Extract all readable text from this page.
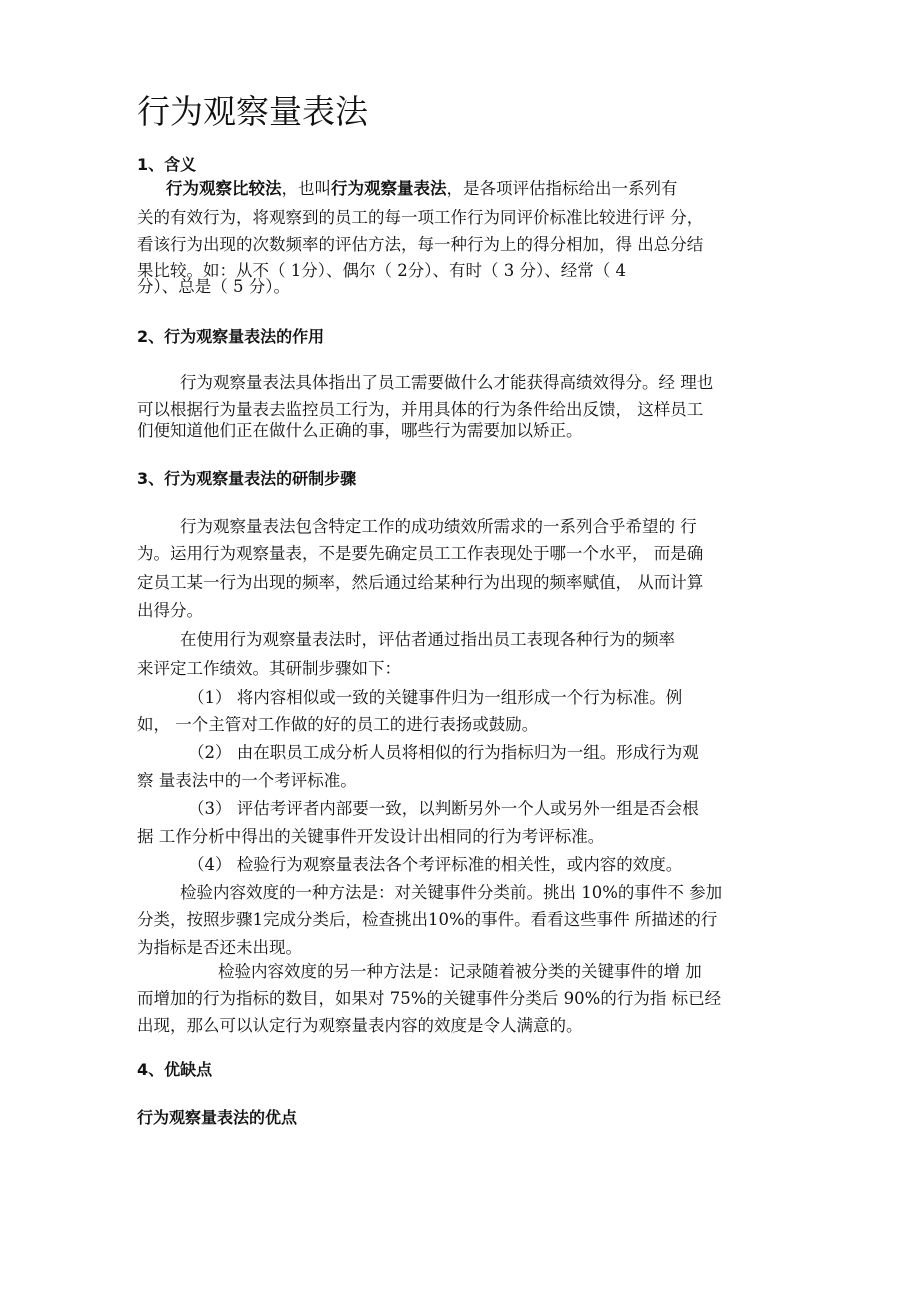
行为观察量表法
1、含义
行为观察比较法，也叫行为观察量表法，是各项评估指标给出一系列有
关的有效行为，将观察到的员工的每一项工作行为同评价标准比较进行评 分，
看该行为出现的次数频率的评估方法，每一种行为上的得分相加，得 出总分结
果比较。如：从不（ 1分）、偶尔（ 2分）、有时（ 3 分）、经常（ 4
分）、总是（ 5 分）。
2、行为观察量表法的作用
行为观察量表法具体指出了员工需要做什么才能获得高绩效得分。经 理也
可以根据行为量表去监控员工行为，并用具体的行为条件给出反馈， 这样员工
们便知道他们正在做什么正确的事，哪些行为需要加以矫正。
3、行为观察量表法的研制步骤
行为观察量表法包含特定工作的成功绩效所需求的一系列合乎希望的 行
为。运用行为观察量表，不是要先确定员工工作表现处于哪一个水平， 而是确
定员工某一行为出现的频率，然后通过给某种行为出现的频率赋值， 从而计算
出得分。
在使用行为观察量表法时，评估者通过指出员工表现各种行为的频率
来评定工作绩效。其研制步骤如下：
（1） 将内容相似或一致的关键事件归为一组形成一个行为标准。例
如， 一个主管对工作做的好的员工的进行表扬或鼓励。
（2） 由在职员工成分析人员将相似的行为指标归为一组。形成行为观
察 量表法中的一个考评标准。
（3） 评估考评者内部要一致，以判断另外一个人或另外一组是否会根
据 工作分析中得出的关键事件开发设计出相同的行为考评标准。
（4） 检验行为观察量表法各个考评标准的相关性，或内容的效度。
检验内容效度的一种方法是：对关键事件分类前。挑出 10%的事件不 参加
分类，按照步骤1完成分类后，检查挑出10%的事件。看看这些事件 所描述的行
为指标是否还未出现。
检验内容效度的另一种方法是：记录随着被分类的关键事件的增 加
而增加的行为指标的数目，如果对 75%的关键事件分类后 90%的行为指 标已经
出现，那么可以认定行为观察量表内容的效度是令人满意的。
4、优缺点
行为观察量表法的优点
